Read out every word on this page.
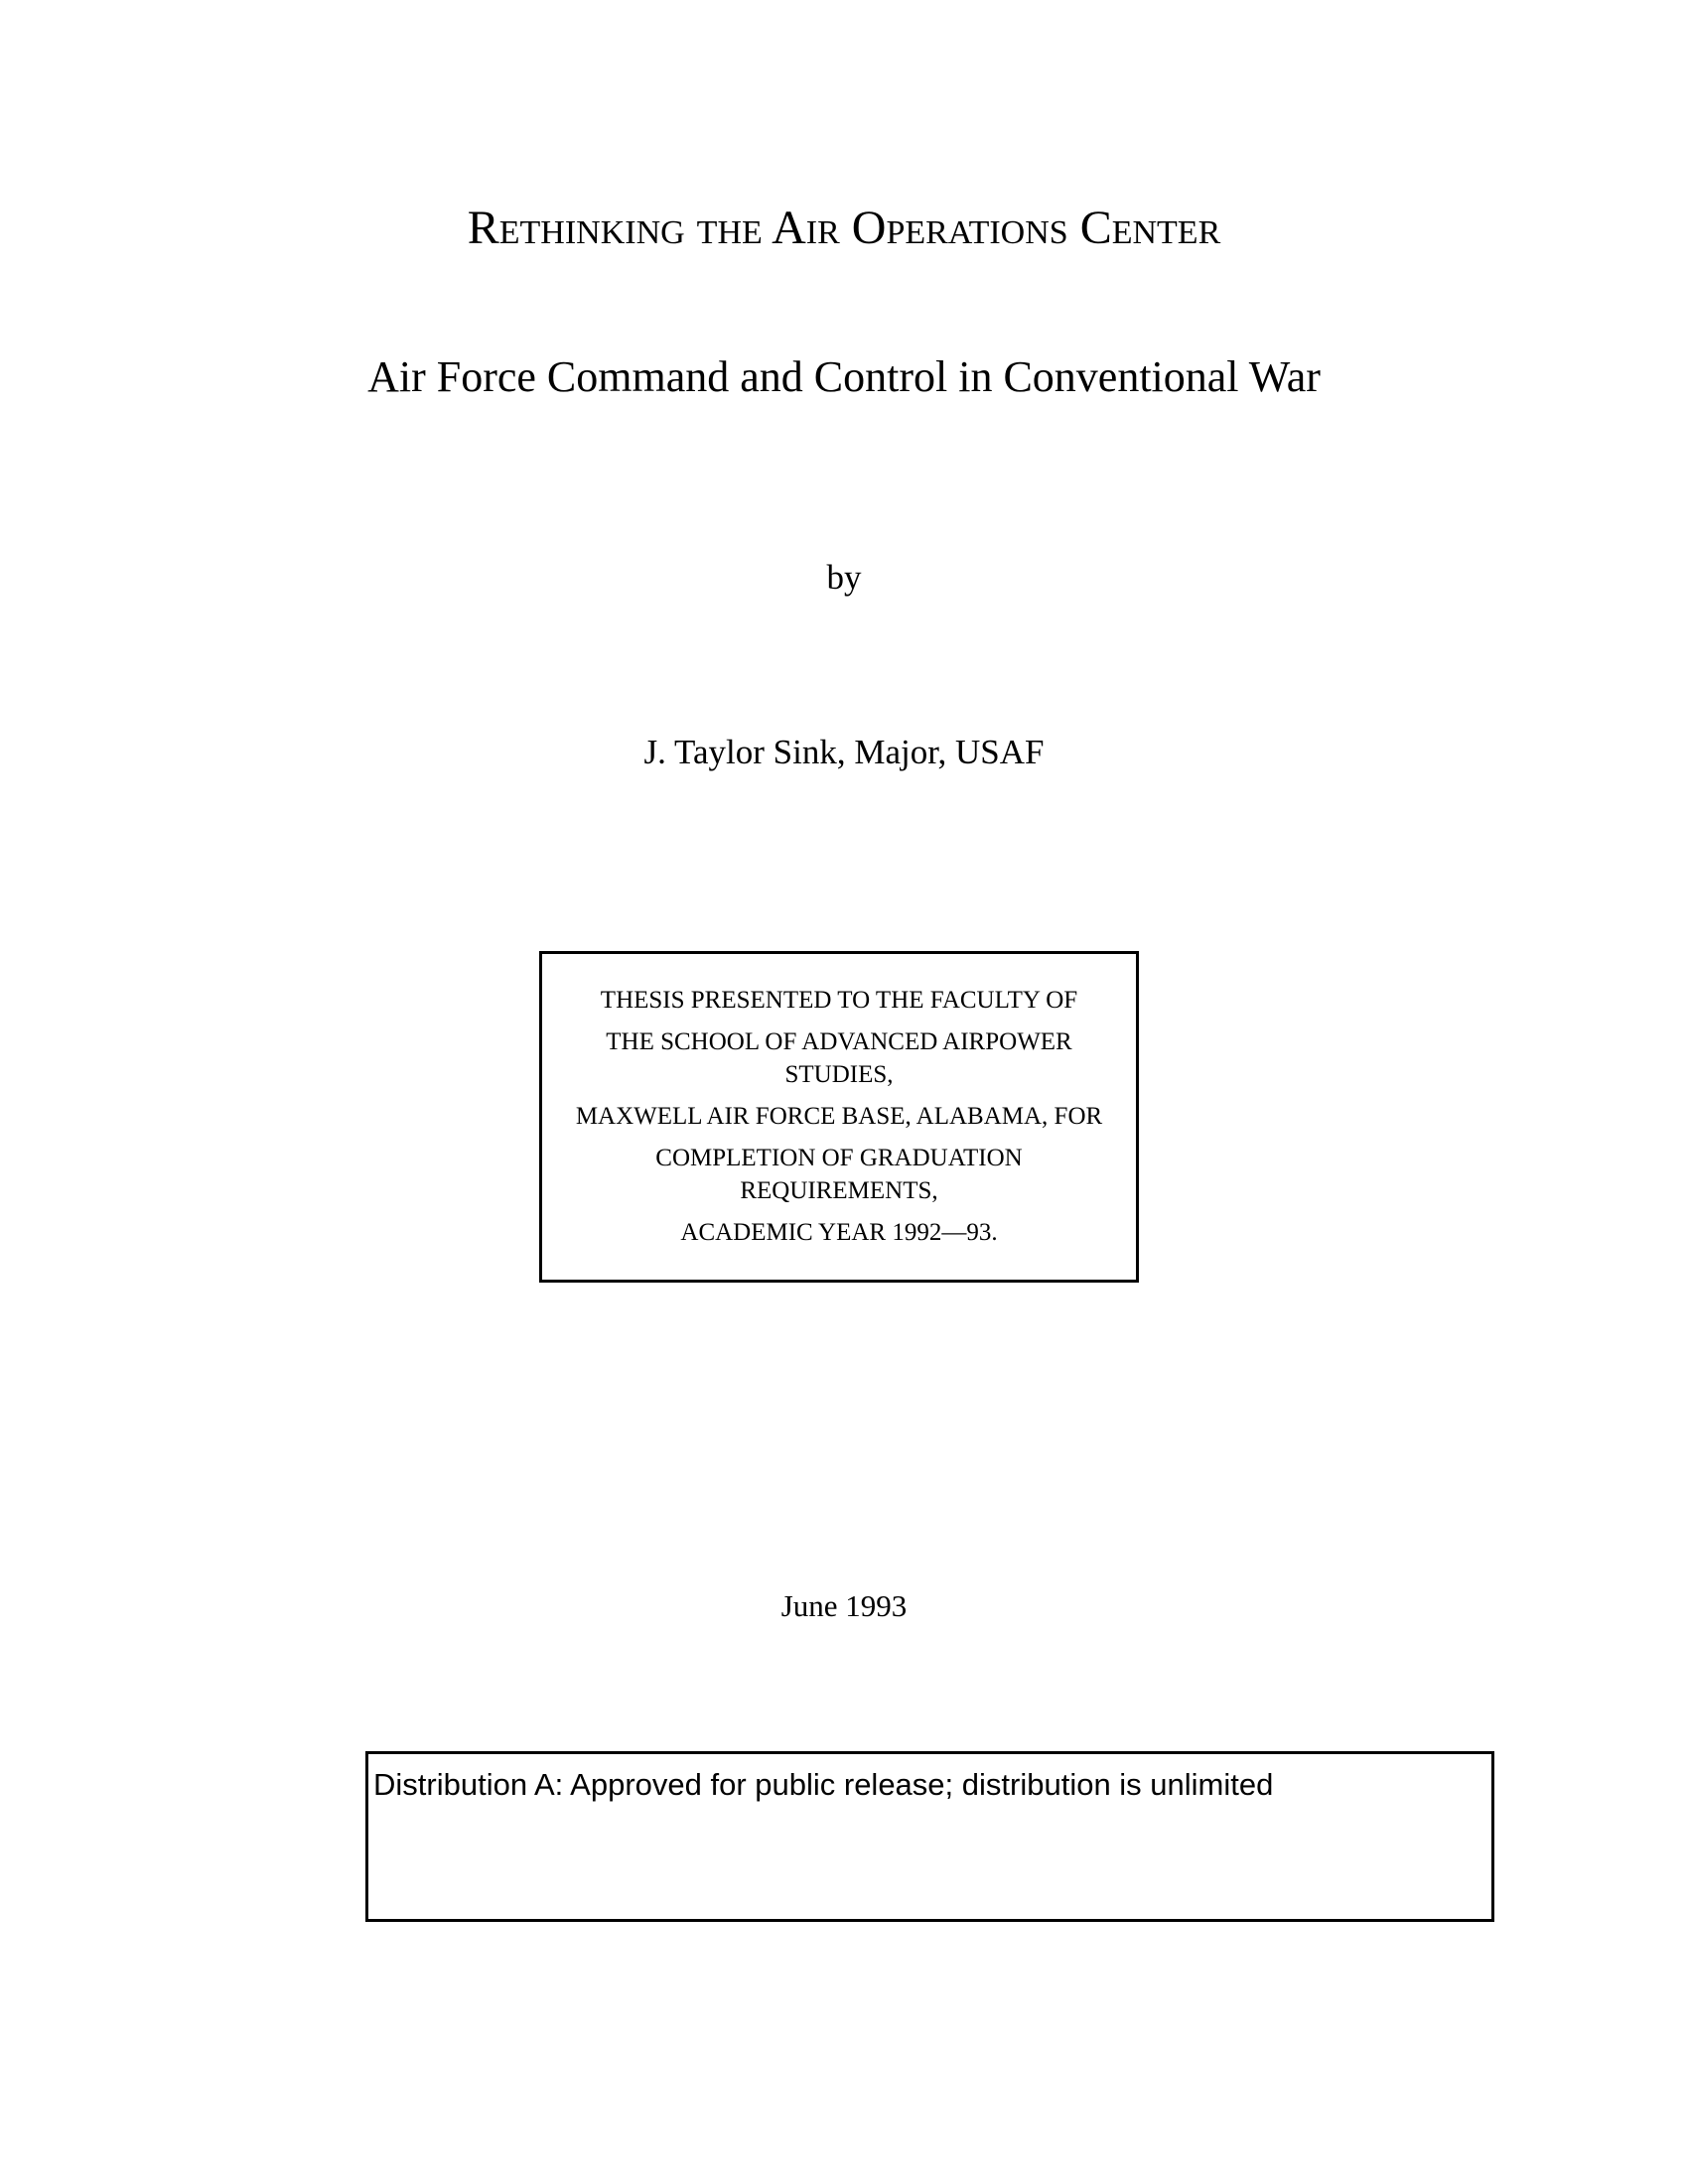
Rethinking the Air Operations Center
Air Force Command and Control in Conventional War
by
J. Taylor Sink, Major, USAF
THESIS PRESENTED TO THE FACULTY OF
THE SCHOOL OF ADVANCED AIRPOWER
STUDIES,
MAXWELL AIR FORCE BASE, ALABAMA, FOR
COMPLETION OF GRADUATION
REQUIREMENTS,
ACADEMIC YEAR 1992—93.
June 1993
Distribution A: Approved for public release; distribution is unlimited
